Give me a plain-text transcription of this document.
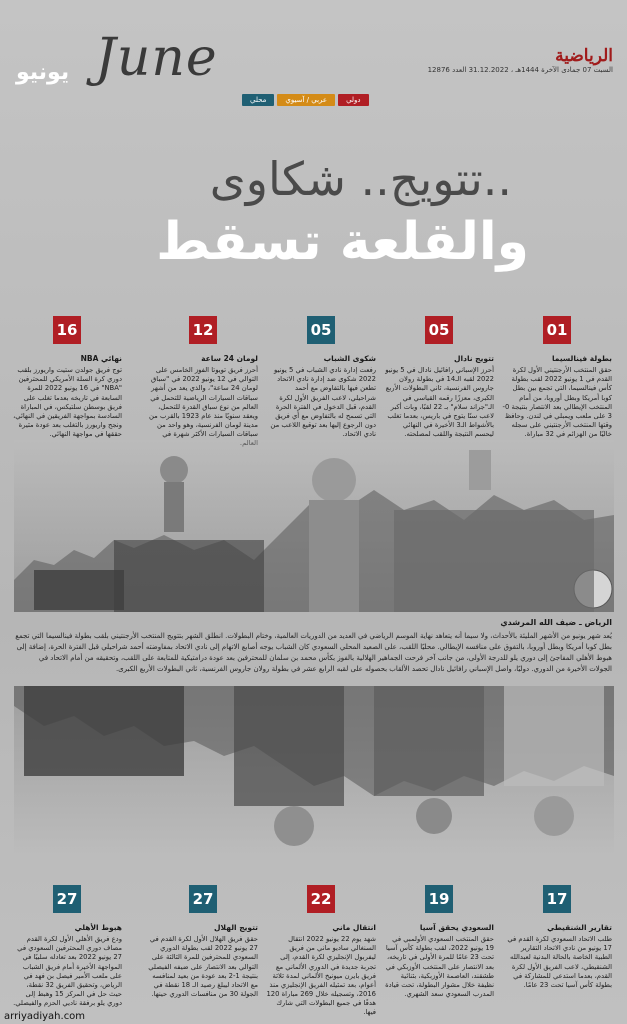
June
يونيو
الرياضية
السبت 07 جمادى الآخرة 1444هـ ، 31.12.2022 العدد 12876
محلي	عربي / آسيوي	دولي
تتويج.. شكاوى..
والقلعة تسقط
01
بطولة فينالسيما
حقق المنتخب الأرجنتيني الأول لكرة القدم في 1 يونيو 2022 لقب بطولة كأس فينالسيما، التي تجمع بين بطل كوبا أمريكا وبطل أوروبا، من أمام المنتخب الإيطالي بعد الانتصار بنتيجة 0-3 على ملعب ويمبلي في لندن. وحافظ وقتها المنتخب الأرجنتيني على سجله خاليًا من الهزائم في 32 مباراة.
05
تتويج نادال
أحرز الإسباني رافائيل نادال في 5 يونيو 2022 لقبه الـ14 في بطولة رولان جاروس الفرنسية، ثاني البطولات الأربع الكبرى، معززًا رقمه القياسي في الـ"جراند سلام" بـ 22 لقبًا، وبات أكبر لاعب سنًا يتوج في باريس، بعدما تغلب بالأشواط الـ3 الأخيرة في النهائي ليحسم النتيجة واللقب لمصلحته.
05
شكوى الشباب
رفعت إدارة نادي الشباب في 5 يونيو 2022 شكوى ضد إدارة نادي الاتحاد تطعن فيها بالتفاوض مع أحمد شراحيلي، لاعب الفريق الأول لكرة القدم، قبل الدخول في الفترة الحرة التي تسمح له بالتفاوض مع أي فريق دون الرجوع إليها بعد توقيع اللاعب من نادي الاتحاد.
12
لومان 24 ساعة
أحرز فريق تويوتا الفوز الخامس على التوالي في 12 يونيو 2022 في "سباق لومان 24 ساعة"، والذي يعد من أشهر سباقات السيارات الرياضية للتحمل في العالم من نوع سباق القدرة للتحمل، ويعقد سنويًا منذ عام 1923 بالقرب من مدينة لومان الفرنسية، وهو واحد من سباقات السيارات الأكثر شهرة في العالم.
16
نهائي NBA
توج فريق جولدن ستيت واريورز بلقب دوري كرة السلة الأمريكي للمحترفين "NBA" في 16 يونيو 2022 للمرة السابعة في تاريخه بعدما تغلب على فريق بوسطن سلتيكس، في المباراة السادسة بمواجهة الفريقين في النهائي، ونجح واريورز بالتغلب بعد عودة مثيرة حققها في مواجهة النهائي.
الرياض ـ ضيف الله المرشدي
يُعد شهر يونيو من الأشهر المليئة بالأحداث، ولا سيما أنه يتعاهد نهاية الموسم الرياضي في العديد من الدوريات العالمية، وختام البطولات. انطلق الشهر بتتويج المنتخب الأرجنتيني بلقب بطولة فينالسيما التي تجمع بطل كوبا أمريكا وبطل أوروبا، بالتفوق على منافسه الإيطالي. محليًا اللقب، على الصعيد المحلي السعودي كان الشباب يوجه أصابع الاتهام إلى نادي الاتحاد بمفاوضته أحمد شراحيلي قبل الفترة الحرة، إضافة إلى هبوط الأهلي المفاجئ إلى دوري يلو للدرجة الأولى، من جانب آخر فرحت الجماهير الهلالية بالفوز بكأس محمد بن سلمان للمحترفين بعد عودة درامتيكية للمتابعة على اللقب، وتحقيقه من أمام الاتحاد في الجولات الأخيرة من الدوري. دوليًا، واصل الإسباني رافائيل نادال تحصد الألقاب بحصوله على لقبه الرابع عشر في بطولة رولان جاروس الفرنسية، ثاني البطولات الأربع الكبرى.
17
تقارير الشنقيطي
طلب الاتحاد السعودي لكرة القدم في 17 يونيو من نادي الاتحاد التقارير الطبية الخاصة بالحالة البدنية لعبدالله الشنقيطي، لاعب الفريق الأول لكرة القدم، بعدما استدعي للمشاركة في بطولة كأس آسيا تحت 23 عامًا.
19
السعودي يحقق آسيا
حقق المنتخب السعودي الأولمبي في 19 يونيو 2022، لقب بطولة كأس آسيا تحت 23 عامًا للمرة الأولى في تاريخه، بعد الانتصار على المنتخب الأوزبكي في طشقند، العاصمة الأوزبكية، بثنائية نظيفة خلال مشوار البطولة، تحت قيادة المدرب السعودي سعد الشهري.
22
انتقال ماني
شهد يوم 22 يونيو 2022 انتقال السنغالي ساديو ماني من فريق ليفربول الإنجليزي لكرة القدم، إلى تجربة جديدة في الدوري الألماني مع فريق بايرن ميونيخ الألماني لمدة ثلاثة أعوام، بعد تمثيله الفريق الإنجليزي منذ 2016، وتسجيله خلال 269 مباراة 120 هدفًا في جميع البطولات التي شارك فيها.
27
تتويج الهلال
حقق فريق الهلال الأول لكرة القدم في 27 يونيو 2022 لقب بطولة الدوري السعودي للمحترفين للمرة الثالثة على التوالي بعد الانتصار على ضيفه الفيصلي بنتيجة 1-2 بعد عودة من بعيد لمنافسه مع الاتحاد ليبلغ رصيد الـ 18 نقطة في الجولة 30 من منافسات الدوري حينها.
27
هبوط الأهلي
ودع فريق الأهلي الأول لكرة القدم مصاف دوري المحترفين السعودي في 27 يونيو 2022 بعد تعادله سلبيًا في المواجهة الأخيرة أمام فريق الشباب على ملعب الأمير فيصل بن فهد في الرياض، وتحقيق الفريق 32 نقطة، حيث حل في المركز 15 وهبط إلى دوري يلو برفقة ناديي الحزم والفيصلي.
arriyadiyah.com
